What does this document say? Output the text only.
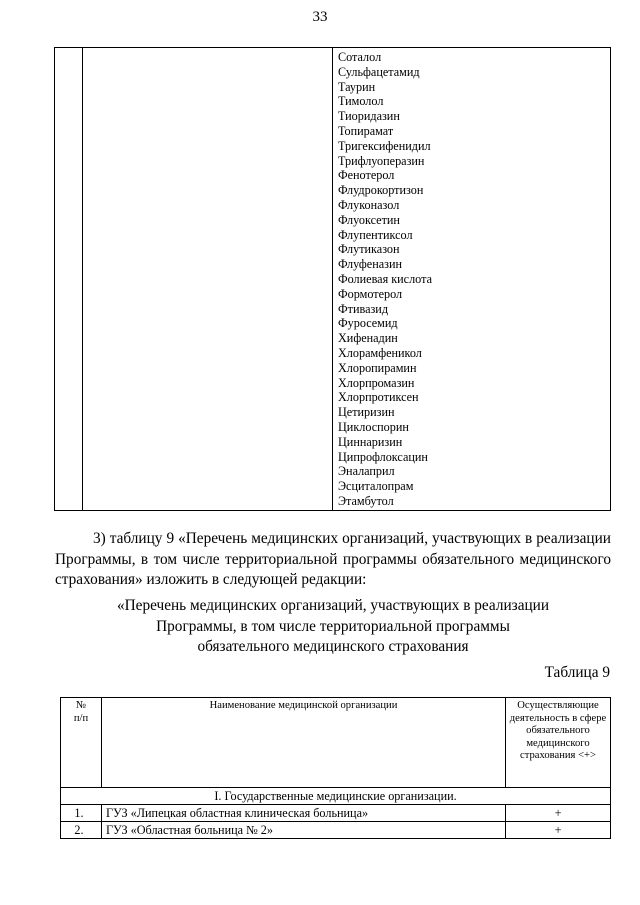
33

Соталол
Сульфацетамид
Таурин
Тимолол
Тиоридазин
Топирамат
Тригексифенидил
Трифлуоперазин
Фенотерол
Флудрокортизон
Флуконазол
Флуоксетин
Флупентиксол
Флутиказон
Флуфеназин
Фолиевая кислота
Формотерол
Фтивазид
Фуросемид
Хифенадин
Хлорамфеникол
Хлоропирамин
Хлорпромазин
Хлорпротиксен
Цетиризин
Циклоспорин
Циннаризин
Ципрофлоксацин
Эналаприл
Эсциталопрам
Этамбутол
3) таблицу 9 «Перечень медицинских организаций, участвующих в реализации Программы, в том числе территориальной программы обязательного медицинского страхования» изложить в следующей редакции:
«Перечень медицинских организаций, участвующих в реализации
Программы, в том числе территориальной программы
обязательного медицинского страхования
Таблица 9
№
п/п	Наименование медицинской организации	Осуществляющие деятельность в сфере обязательного медицинского страхования <+>
I. Государственные медицинские организации.		
1.	ГУЗ «Липецкая областная клиническая больница»	+
2.	ГУЗ «Областная больница № 2»	+
